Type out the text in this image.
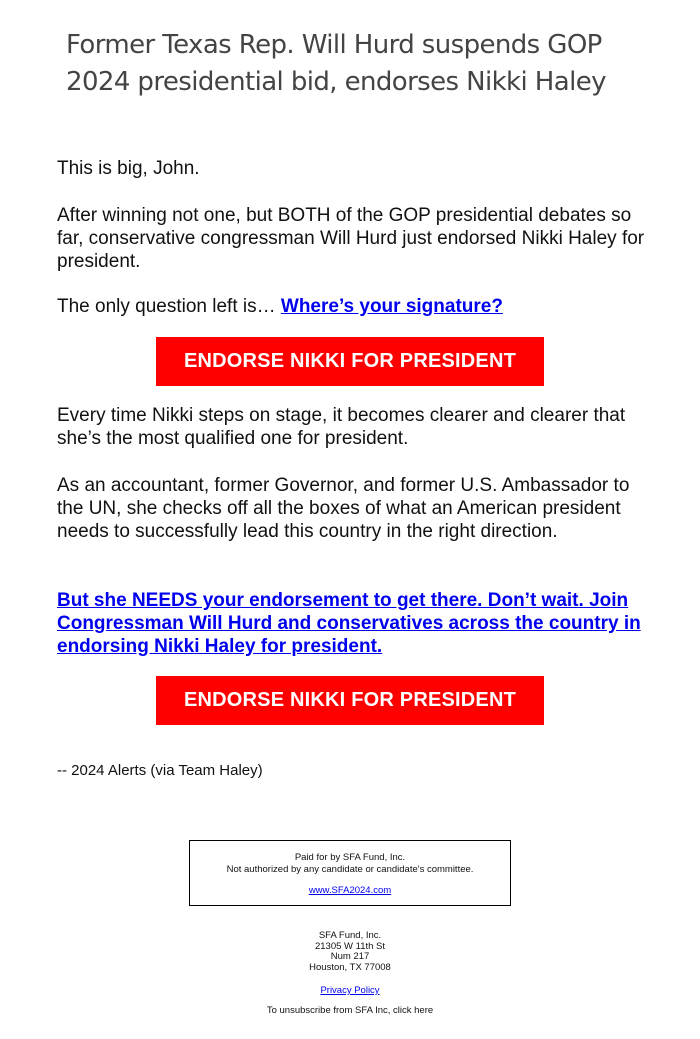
Former Texas Rep. Will Hurd suspends GOP 2024 presidential bid, endorses Nikki Haley

This is big, John.

After winning not one, but BOTH of the GOP presidential debates so far, conservative congressman Will Hurd just endorsed Nikki Haley for president.

The only question left is… Where’s your signature?

ENDORSE NIKKI FOR PRESIDENT

Every time Nikki steps on stage, it becomes clearer and clearer that she’s the most qualified one for president.

As an accountant, former Governor, and former U.S. Ambassador to the UN, she checks off all the boxes of what an American president needs to successfully lead this country in the right direction.

But she NEEDS your endorsement to get there. Don’t wait. Join Congressman Will Hurd and conservatives across the country in endorsing Nikki Haley for president.

ENDORSE NIKKI FOR PRESIDENT

-- 2024 Alerts (via Team Haley)

Paid for by SFA Fund, Inc.
Not authorized by any candidate or candidate's committee.
www.SFA2024.com
SFA Fund, Inc.
21305 W 11th St
Num 217
Houston, TX 77008
Privacy Policy
To unsubscribe from SFA Inc, click here
